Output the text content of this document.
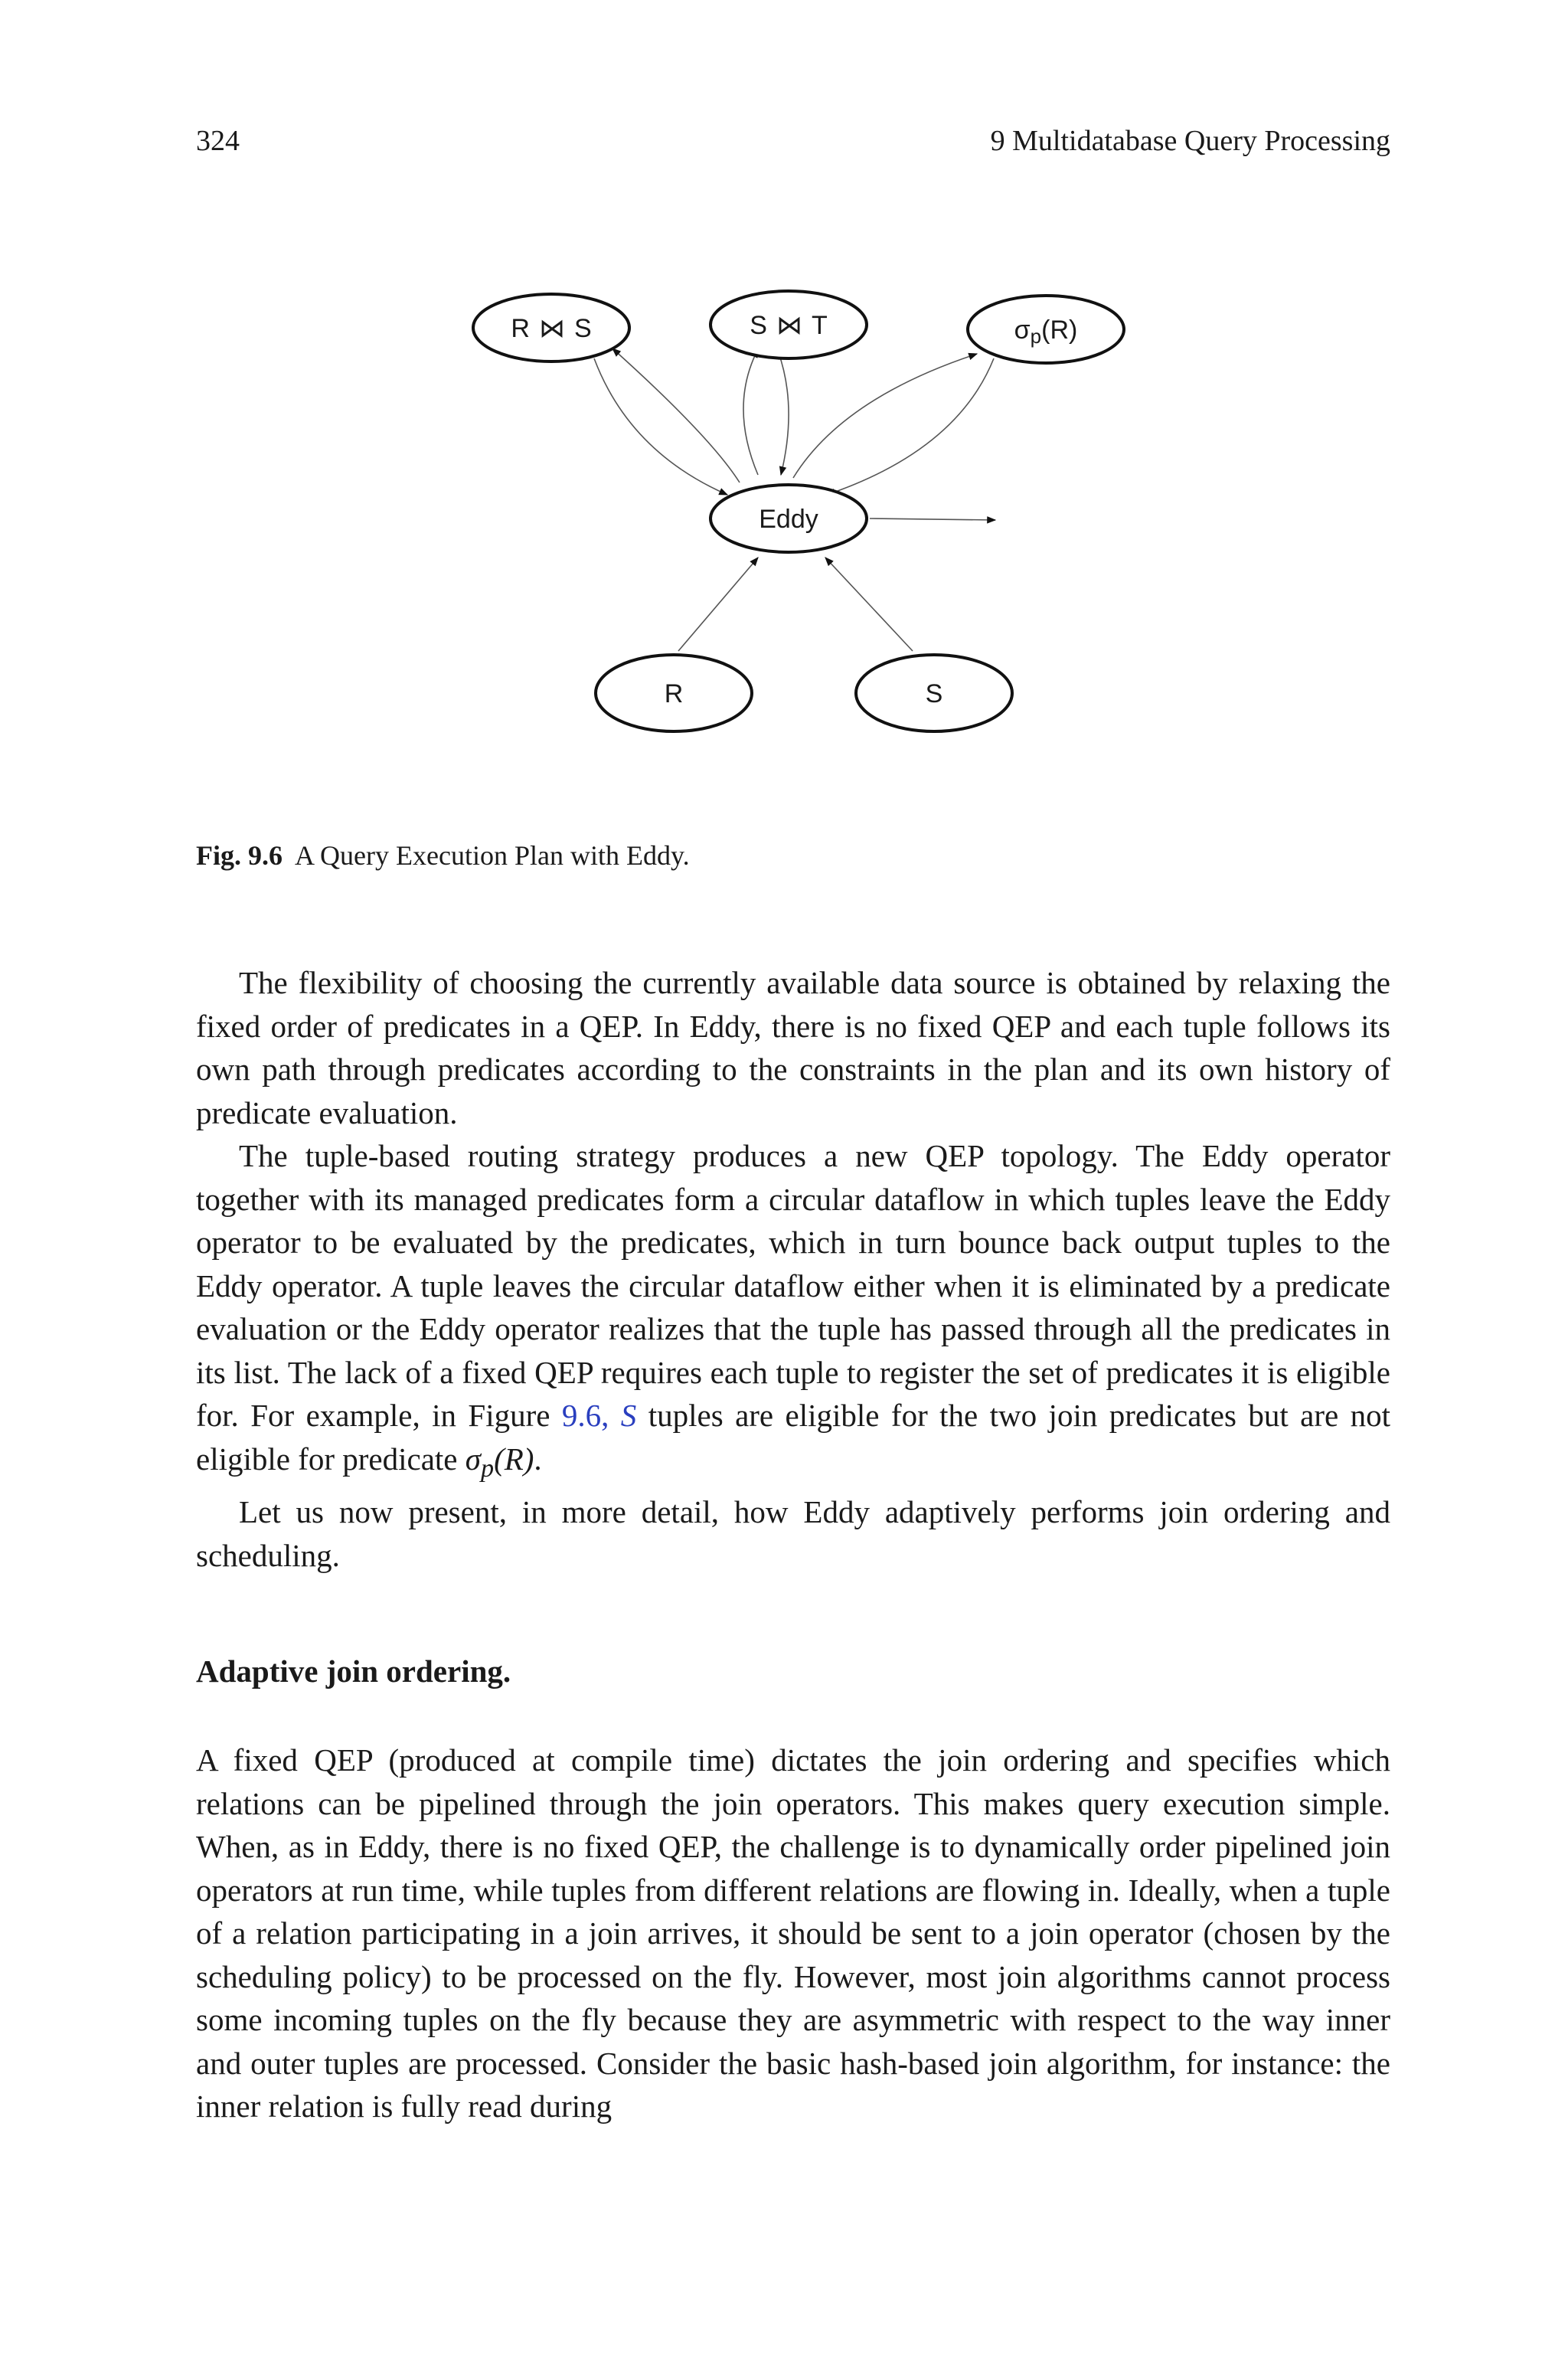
324	9 Multidatabase Query Processing
R ⋈ S	S ⋈ T	σp(R)
Eddy
R	S
Fig. 9.6 A Query Execution Plan with Eddy.

The flexibility of choosing the currently available data source is obtained by relaxing the fixed order of predicates in a QEP. In Eddy, there is no fixed QEP and each tuple follows its own path through predicates according to the constraints in the plan and its own history of predicate evaluation.

The tuple-based routing strategy produces a new QEP topology. The Eddy operator together with its managed predicates form a circular dataflow in which tuples leave the Eddy operator to be evaluated by the predicates, which in turn bounce back output tuples to the Eddy operator. A tuple leaves the circular dataflow either when it is eliminated by a predicate evaluation or the Eddy operator realizes that the tuple has passed through all the predicates in its list. The lack of a fixed QEP requires each tuple to register the set of predicates it is eligible for. For example, in Figure 9.6, S tuples are eligible for the two join predicates but are not eligible for predicate $\sigma_p(R)$.

Let us now present, in more detail, how Eddy adaptively performs join ordering and scheduling.

Adaptive join ordering.

A fixed QEP (produced at compile time) dictates the join ordering and specifies which relations can be pipelined through the join operators. This makes query execution simple. When, as in Eddy, there is no fixed QEP, the challenge is to dynamically order pipelined join operators at run time, while tuples from different relations are flowing in. Ideally, when a tuple of a relation participating in a join arrives, it should be sent to a join operator (chosen by the scheduling policy) to be processed on the fly. However, most join algorithms cannot process some incoming tuples on the fly because they are asymmetric with respect to the way inner and outer tuples are processed. Consider the basic hash-based join algorithm, for instance: the inner relation is fully read during
